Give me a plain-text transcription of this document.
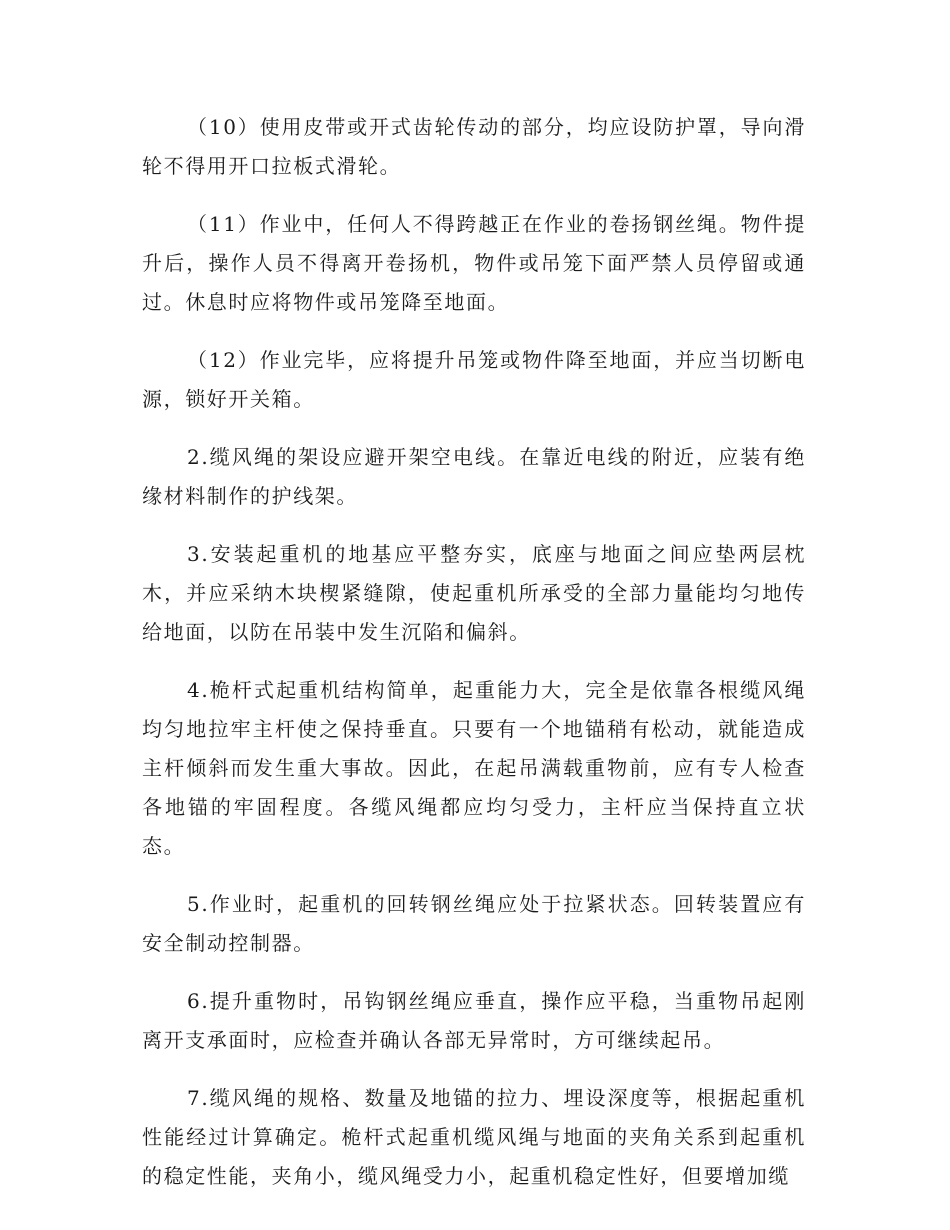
（10）使用皮带或开式齿轮传动的部分，均应设防护罩，导向滑轮不得用开口拉板式滑轮。

（11）作业中，任何人不得跨越正在作业的卷扬钢丝绳。物件提升后，操作人员不得离开卷扬机，物件或吊笼下面严禁人员停留或通过。休息时应将物件或吊笼降至地面。

（12）作业完毕，应将提升吊笼或物件降至地面，并应当切断电源，锁好开关箱。

2.缆风绳的架设应避开架空电线。在靠近电线的附近，应装有绝缘材料制作的护线架。

3.安装起重机的地基应平整夯实，底座与地面之间应垫两层枕木，并应采纳木块楔紧缝隙，使起重机所承受的全部力量能均匀地传给地面，以防在吊装中发生沉陷和偏斜。

4.桅杆式起重机结构简单，起重能力大，完全是依靠各根缆风绳均匀地拉牢主杆使之保持垂直。只要有一个地锚稍有松动，就能造成主杆倾斜而发生重大事故。因此，在起吊满载重物前，应有专人检查各地锚的牢固程度。各缆风绳都应均匀受力，主杆应当保持直立状态。

5.作业时，起重机的回转钢丝绳应处于拉紧状态。回转装置应有安全制动控制器。

6.提升重物时，吊钩钢丝绳应垂直，操作应平稳，当重物吊起刚离开支承面时，应检查并确认各部无异常时，方可继续起吊。

7.缆风绳的规格、数量及地锚的拉力、埋设深度等，根据起重机性能经过计算确定。桅杆式起重机缆风绳与地面的夹角关系到起重机的稳定性能，夹角小，缆风绳受力小，起重机稳定性好，但要增加缆
